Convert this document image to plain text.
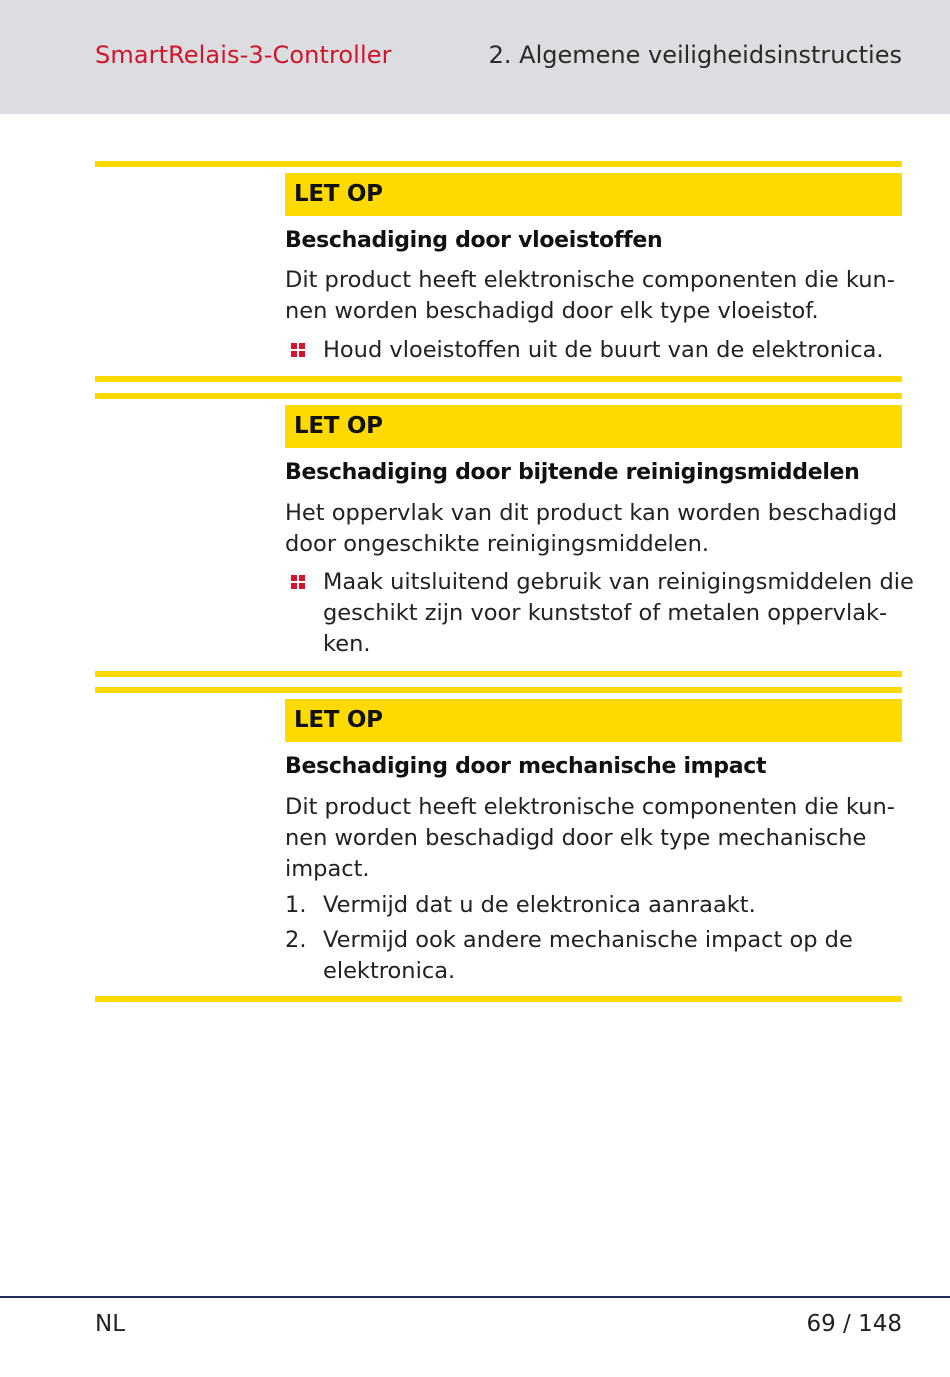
SmartRelais-3-Controller	2. Algemene veiligheidsinstructies
LET OP
Beschadiging door vloeistoffen
Dit product heeft elektronische componenten die kun-
nen worden beschadigd door elk type vloeistof.
Houd vloeistoffen uit de buurt van de elektronica.
LET OP
Beschadiging door bijtende reinigingsmiddelen
Het oppervlak van dit product kan worden beschadigd
door ongeschikte reinigingsmiddelen.
Maak uitsluitend gebruik van reinigingsmiddelen die
geschikt zijn voor kunststof of metalen oppervlak-
ken.
LET OP
Beschadiging door mechanische impact
Dit product heeft elektronische componenten die kun-
nen worden beschadigd door elk type mechanische
impact.
1. Vermijd dat u de elektronica aanraakt.
2. Vermijd ook andere mechanische impact op de
elektronica.
NL	69 / 148
